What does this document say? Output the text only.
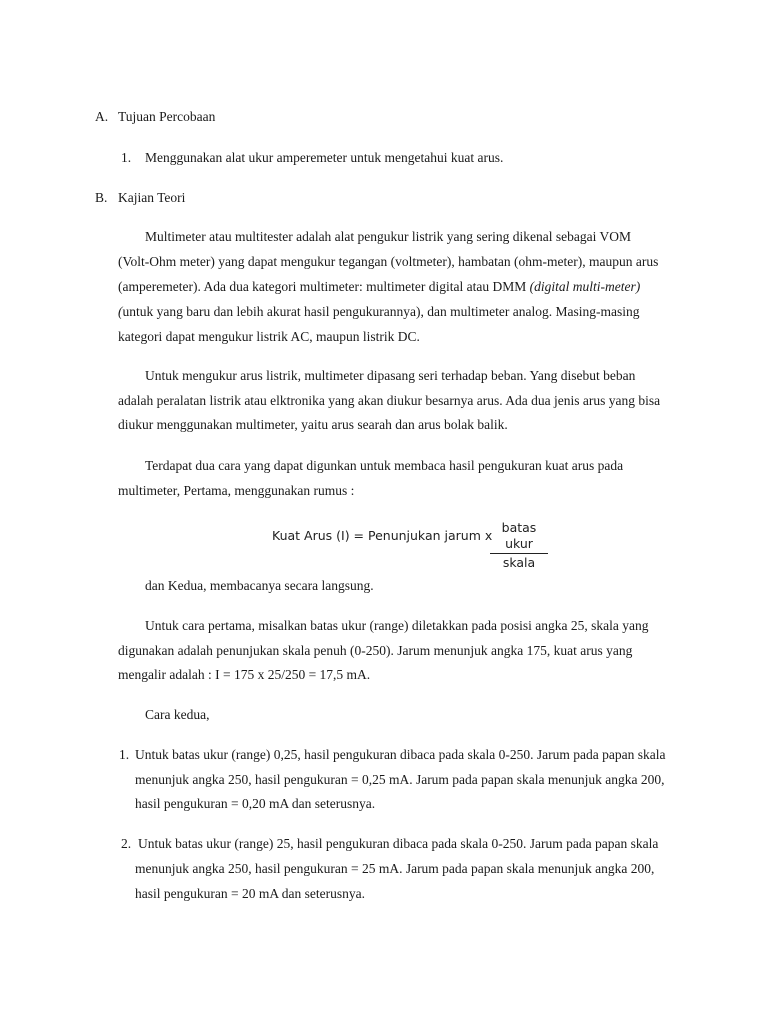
A. Tujuan Percobaan
1. Menggunakan alat ukur amperemeter untuk mengetahui kuat arus.
B. Kajian Teori
Multimeter atau multitester adalah alat pengukur listrik yang sering dikenal sebagai VOM
(Volt-Ohm meter) yang dapat mengukur tegangan (voltmeter), hambatan (ohm-meter), maupun arus
(amperemeter). Ada dua kategori multimeter: multimeter digital atau DMM (digital multi-meter)
(untuk yang baru dan lebih akurat hasil pengukurannya), dan multimeter analog. Masing-masing
kategori dapat mengukur listrik AC, maupun listrik DC.
Untuk mengukur arus listrik, multimeter dipasang seri terhadap beban. Yang disebut beban
adalah peralatan listrik atau elktronika yang akan diukur besarnya arus. Ada dua jenis arus yang bisa
diukur menggunakan multimeter, yaitu arus searah dan arus bolak balik.
Terdapat dua cara yang dapat digunkan untuk membaca hasil pengukuran kuat arus pada
multimeter, Pertama, menggunakan rumus :
Kuat Arus (I) = Penunjukan jarum x
batas ukur
skala
dan Kedua, membacanya secara langsung.
Untuk cara pertama, misalkan batas ukur (range) diletakkan pada posisi angka 25, skala yang
digunakan adalah penunjukan skala penuh (0-250). Jarum menunjuk angka 175, kuat arus yang
mengalir adalah : I = 175 x 25/250 = 17,5 mA.
Cara kedua,
1. Untuk batas ukur (range) 0,25, hasil pengukuran dibaca pada skala 0-250. Jarum pada papan skala
menunjuk angka 250, hasil pengukuran = 0,25 mA. Jarum pada papan skala menunjuk angka 200,
hasil pengukuran = 0,20 mA dan seterusnya.
2. Untuk batas ukur (range) 25, hasil pengukuran dibaca pada skala 0-250. Jarum pada papan skala
menunjuk angka 250, hasil pengukuran = 25 mA. Jarum pada papan skala menunjuk angka 200,
hasil pengukuran = 20 mA dan seterusnya.
